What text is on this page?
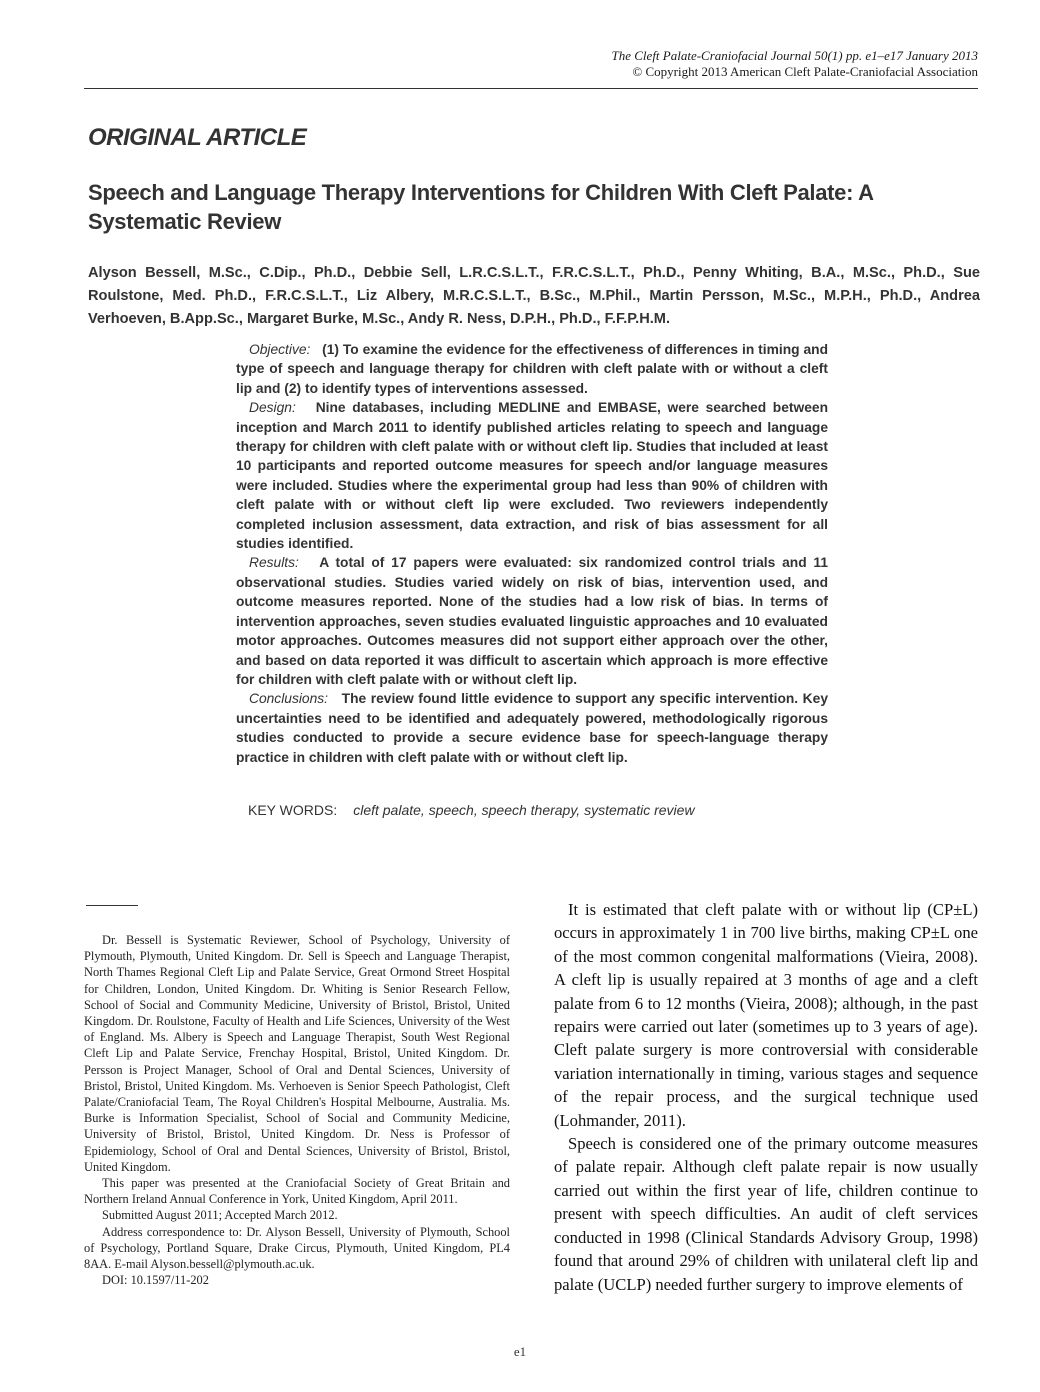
The Cleft Palate-Craniofacial Journal 50(1) pp. e1–e17 January 2013
© Copyright 2013 American Cleft Palate-Craniofacial Association
ORIGINAL ARTICLE
Speech and Language Therapy Interventions for Children With Cleft Palate: A Systematic Review
Alyson Bessell, M.Sc., C.Dip., Ph.D., Debbie Sell, L.R.C.S.L.T., F.R.C.S.L.T., Ph.D., Penny Whiting, B.A., M.Sc., Ph.D., Sue Roulstone, Med. Ph.D., F.R.C.S.L.T., Liz Albery, M.R.C.S.L.T., B.Sc., M.Phil., Martin Persson, M.Sc., M.P.H., Ph.D., Andrea Verhoeven, B.App.Sc., Margaret Burke, M.Sc., Andy R. Ness, D.P.H., Ph.D., F.F.P.H.M.

Objective: (1) To examine the evidence for the effectiveness of differences in timing and type of speech and language therapy for children with cleft palate with or without a cleft lip and (2) to identify types of interventions assessed.

Design: Nine databases, including MEDLINE and EMBASE, were searched between inception and March 2011 to identify published articles relating to speech and language therapy for children with cleft palate with or without cleft lip. Studies that included at least 10 participants and reported outcome measures for speech and/or language measures were included. Studies where the experimental group had less than 90% of children with cleft palate with or without cleft lip were excluded. Two reviewers independently completed inclusion assessment, data extraction, and risk of bias assessment for all studies identified.

Results: A total of 17 papers were evaluated: six randomized control trials and 11 observational studies. Studies varied widely on risk of bias, intervention used, and outcome measures reported. None of the studies had a low risk of bias. In terms of intervention approaches, seven studies evaluated linguistic approaches and 10 evaluated motor approaches. Outcomes measures did not support either approach over the other, and based on data reported it was difficult to ascertain which approach is more effective for children with cleft palate with or without cleft lip.

Conclusions: The review found little evidence to support any specific intervention. Key uncertainties need to be identified and adequately powered, methodologically rigorous studies conducted to provide a secure evidence base for speech-language therapy practice in children with cleft palate with or without cleft lip.

KEY WORDS: cleft palate, speech, speech therapy, systematic review

Dr. Bessell is Systematic Reviewer, School of Psychology, University of Plymouth, Plymouth, United Kingdom. Dr. Sell is Speech and Language Therapist, North Thames Regional Cleft Lip and Palate Service, Great Ormond Street Hospital for Children, London, United Kingdom. Dr. Whiting is Senior Research Fellow, School of Social and Community Medicine, University of Bristol, Bristol, United Kingdom. Dr. Roulstone, Faculty of Health and Life Sciences, University of the West of England. Ms. Albery is Speech and Language Therapist, South West Regional Cleft Lip and Palate Service, Frenchay Hospital, Bristol, United Kingdom. Dr. Persson is Project Manager, School of Oral and Dental Sciences, University of Bristol, Bristol, United Kingdom. Ms. Verhoeven is Senior Speech Pathologist, Cleft Palate/Craniofacial Team, The Royal Children's Hospital Melbourne, Australia. Ms. Burke is Information Specialist, School of Social and Community Medicine, University of Bristol, Bristol, United Kingdom. Dr. Ness is Professor of Epidemiology, School of Oral and Dental Sciences, University of Bristol, Bristol, United Kingdom.

This paper was presented at the Craniofacial Society of Great Britain and Northern Ireland Annual Conference in York, United Kingdom, April 2011.

Submitted August 2011; Accepted March 2012.

Address correspondence to: Dr. Alyson Bessell, University of Plymouth, School of Psychology, Portland Square, Drake Circus, Plymouth, United Kingdom, PL4 8AA. E-mail Alyson.bessell@plymouth.ac.uk.

DOI: 10.1597/11-202

It is estimated that cleft palate with or without lip (CP±L) occurs in approximately 1 in 700 live births, making CP±L one of the most common congenital malformations (Vieira, 2008). A cleft lip is usually repaired at 3 months of age and a cleft palate from 6 to 12 months (Vieira, 2008); although, in the past repairs were carried out later (sometimes up to 3 years of age). Cleft palate surgery is more controversial with considerable variation internationally in timing, various stages and sequence of the repair process, and the surgical technique used (Lohmander, 2011).

Speech is considered one of the primary outcome measures of palate repair. Although cleft palate repair is now usually carried out within the first year of life, children continue to present with speech difficulties. An audit of cleft services conducted in 1998 (Clinical Standards Advisory Group, 1998) found that around 29% of children with unilateral cleft lip and palate (UCLP) needed further surgery to improve elements of

e1
